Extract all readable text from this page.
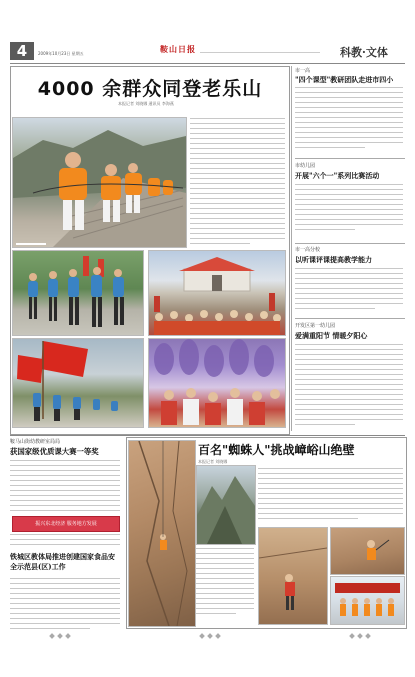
4	2009年10月23日 星期五	鞍山日报	科教·文体
4000 余群众同登老乐山
本报记者 刘晓娜 通讯员 李海燕
市一高
"四个课型"教研团队走进市四小
市幼儿园
开展"六个一"系列比赛活动
市一高分校
以听课评课提高教学能力
开发区第一幼儿园
爱满重阳节 情暖夕阳心
鞍马山街幼教研室局局
获国家级优质课大赛一等奖
振兴东北经济 服务地方发展
铁城区教体局推进创建国家食品安全示范县(区)工作
百名"蜘蛛人"挑战嶂峪山绝壁
本报记者 刘晓娜
